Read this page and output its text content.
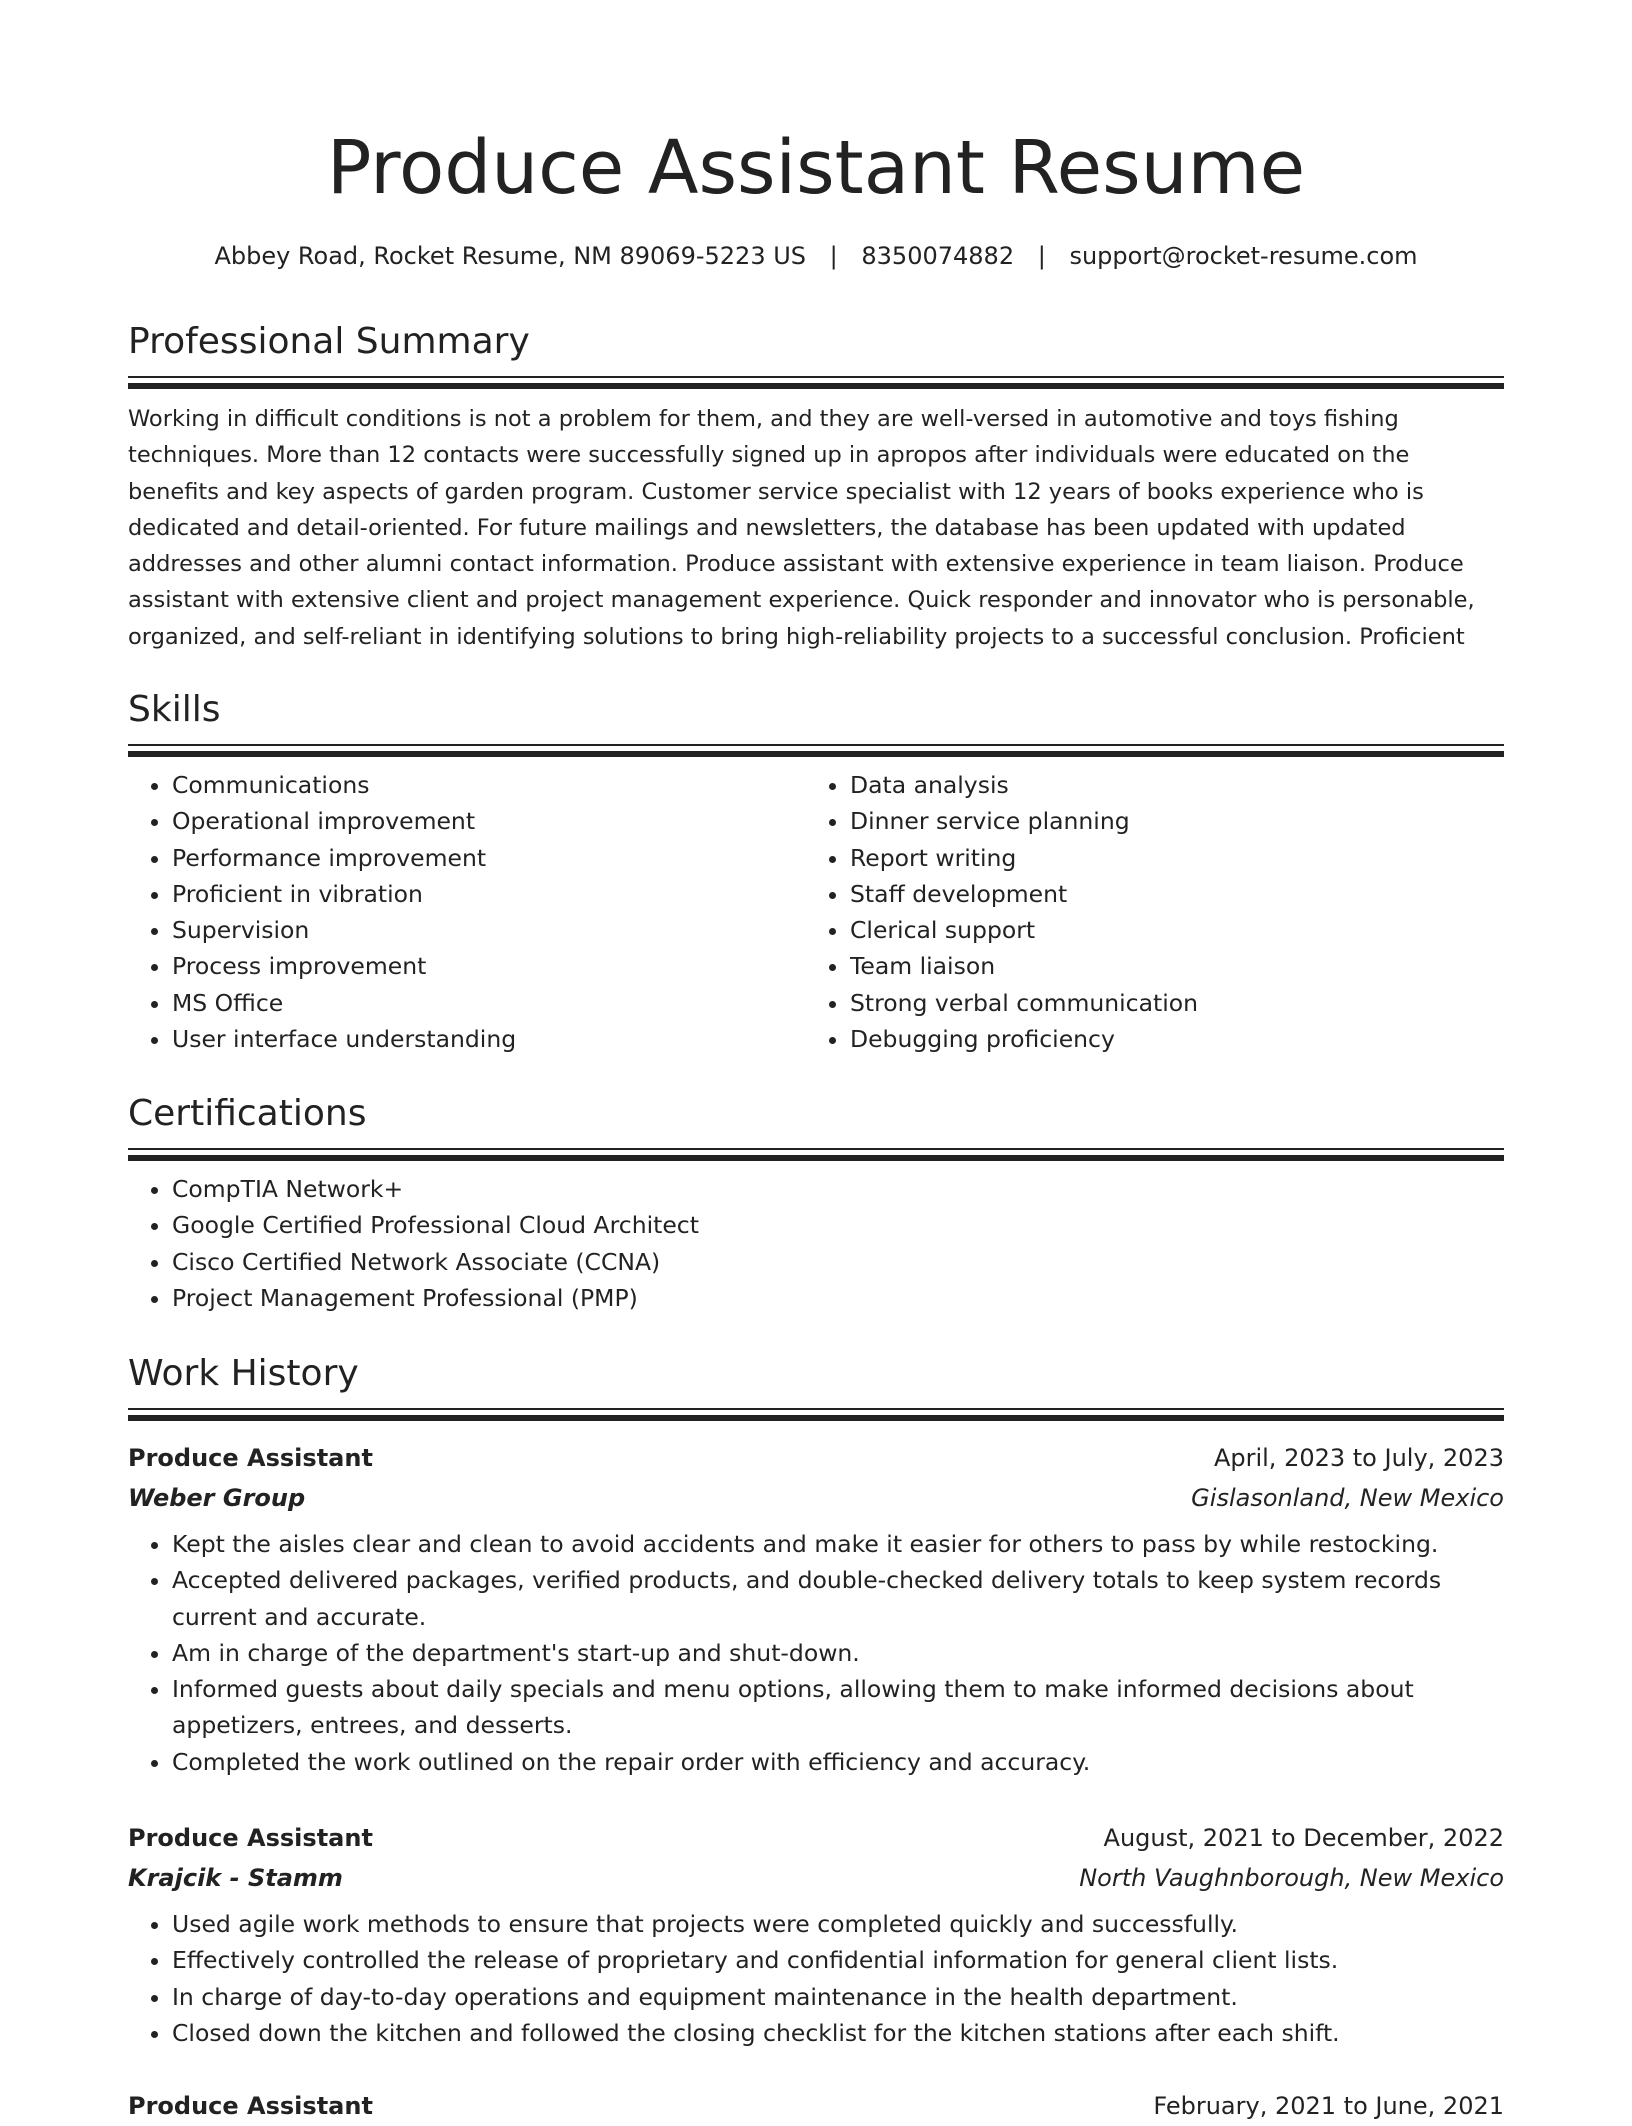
Produce Assistant Resume
Abbey Road, Rocket Resume, NM 89069-5223 US | 8350074882 | support@rocket-resume.com
Professional Summary
Working in difficult conditions is not a problem for them, and they are well-versed in automotive and toys fishing techniques. More than 12 contacts were successfully signed up in apropos after individuals were educated on the benefits and key aspects of garden program. Customer service specialist with 12 years of books experience who is dedicated and detail-oriented. For future mailings and newsletters, the database has been updated with updated addresses and other alumni contact information. Produce assistant with extensive experience in team liaison. Produce assistant with extensive client and project management experience. Quick responder and innovator who is personable, organized, and self-reliant in identifying solutions to bring high-reliability projects to a successful conclusion. Proficient
Skills
• Communications
• Operational improvement
• Performance improvement
• Proficient in vibration
• Supervision
• Process improvement
• MS Office
• User interface understanding
• Data analysis
• Dinner service planning
• Report writing
• Staff development
• Clerical support
• Team liaison
• Strong verbal communication
• Debugging proficiency
Certifications
• CompTIA Network+
• Google Certified Professional Cloud Architect
• Cisco Certified Network Associate (CCNA)
• Project Management Professional (PMP)
Work History
Produce Assistant	April, 2023 to July, 2023
Weber Group	Gislasonland, New Mexico
• Kept the aisles clear and clean to avoid accidents and make it easier for others to pass by while restocking.
• Accepted delivered packages, verified products, and double-checked delivery totals to keep system records current and accurate.
• Am in charge of the department's start-up and shut-down.
• Informed guests about daily specials and menu options, allowing them to make informed decisions about appetizers, entrees, and desserts.
• Completed the work outlined on the repair order with efficiency and accuracy.
Produce Assistant	August, 2021 to December, 2022
Krajcik - Stamm	North Vaughnborough, New Mexico
• Used agile work methods to ensure that projects were completed quickly and successfully.
• Effectively controlled the release of proprietary and confidential information for general client lists.
• In charge of day-to-day operations and equipment maintenance in the health department.
• Closed down the kitchen and followed the closing checklist for the kitchen stations after each shift.
Produce Assistant	February, 2021 to June, 2021
